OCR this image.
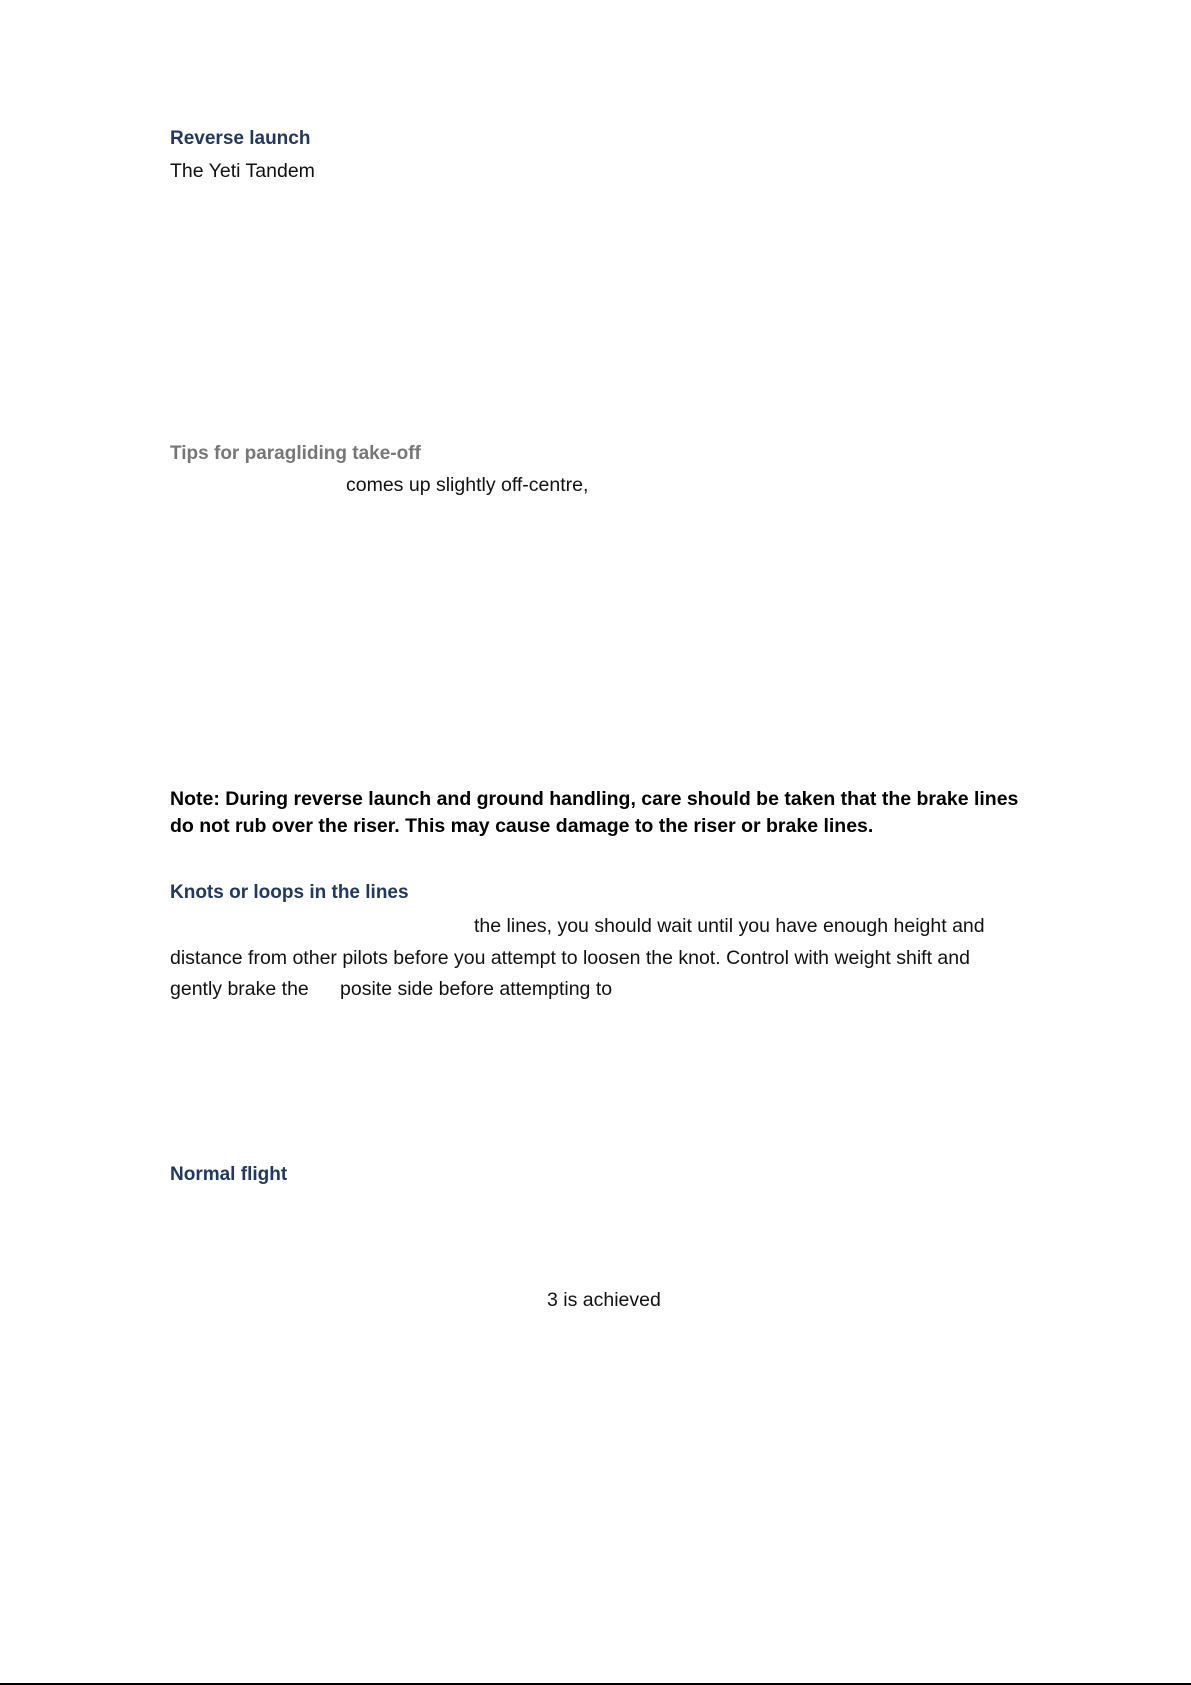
Reverse launch
The Yeti Tandem
Tips for paragliding take-off
comes up slightly off-centre,
Note: During reverse launch and ground handling, care should be taken that the brake lines
do not rub over the riser. This may cause damage to the riser or brake lines.
Knots or loops in the lines
the lines, you should wait until you have enough height and
distance from other pilots before you attempt to loosen the knot. Control with weight shift and
gently brake the posite side before attempting to
Normal flight
3 is achieved
